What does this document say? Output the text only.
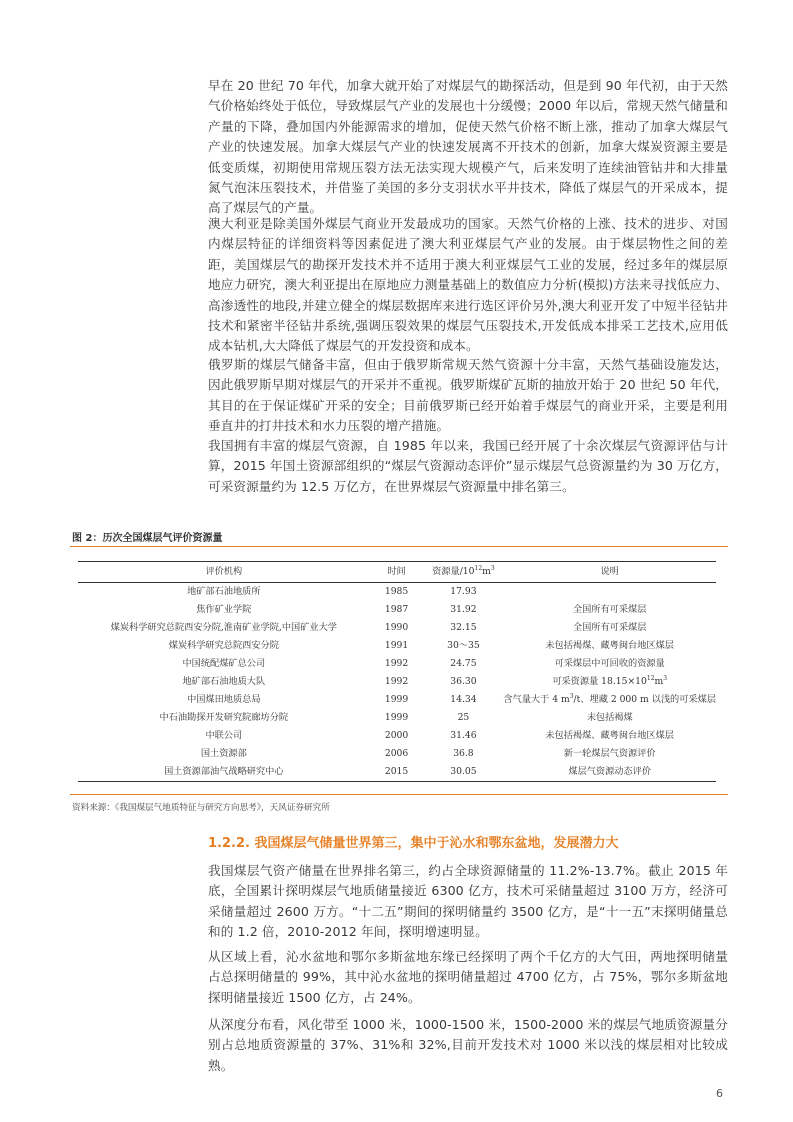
早在 20 世纪 70 年代，加拿大就开始了对煤层气的勘探活动，但是到 90 年代初，由于天然气价格始终处于低位，导致煤层气产业的发展也十分缓慢；2000 年以后，常规天然气储量和产量的下降，叠加国内外能源需求的增加，促使天然气价格不断上涨，推动了加拿大煤层气产业的快速发展。加拿大煤层气产业的快速发展离不开技术的创新，加拿大煤炭资源主要是低变质煤，初期使用常规压裂方法无法实现大规模产气，后来发明了连续油管钻井和大排量氮气泡沫压裂技术，并借鉴了美国的多分支羽状水平井技术，降低了煤层气的开采成本，提高了煤层气的产量。

澳大利亚是除美国外煤层气商业开发最成功的国家。天然气价格的上涨、技术的进步、对国内煤层特征的详细资料等因素促进了澳大利亚煤层气产业的发展。由于煤层物性之间的差距，美国煤层气的勘探开发技术并不适用于澳大利亚煤层气工业的发展，经过多年的煤层原地应力研究，澳大利亚提出在原地应力测量基础上的数值应力分析(模拟)方法来寻找低应力、高渗透性的地段,并建立健全的煤层数据库来进行选区评价另外,澳大利亚开发了中短半径钻井技术和紧密半径钻井系统,强调压裂效果的煤层气压裂技术,开发低成本排采工艺技术,应用低成本钻机,大大降低了煤层气的开发投资和成本。

俄罗斯的煤层气储备丰富，但由于俄罗斯常规天然气资源十分丰富，天然气基础设施发达，因此俄罗斯早期对煤层气的开采并不重视。俄罗斯煤矿瓦斯的抽放开始于 20 世纪 50 年代，其目的在于保证煤矿开采的安全；目前俄罗斯已经开始着手煤层气的商业开采，主要是利用垂直井的打井技术和水力压裂的增产措施。

我国拥有丰富的煤层气资源，自 1985 年以来，我国已经开展了十余次煤层气资源评估与计算，2015 年国土资源部组织的“煤层气资源动态评价”显示煤层气总资源量约为 30 万亿方，可采资源量约为 12.5 万亿方，在世界煤层气资源量中排名第三。

图 2：历次全国煤层气评价资源量
评价机构	时间	资源量$/10^{12}m^3$	说明
地矿部石油地质所	1985	17.93	
焦作矿业学院	1987	31.92	全国所有可采煤层
煤炭科学研究总院西安分院,淮南矿业学院,中国矿业大学	1990	32.15	全国所有可采煤层
煤炭科学研究总院西安分院	1991	30～35	未包括褐煤、藏粤闽台地区煤层
中国统配煤矿总公司	1992	24.75	可采煤层中可回收的资源量
地矿部石油地质大队	1992	36.30	可采资源量 $18.15\times 10^{12}m^3$
中国煤田地质总局	1999	14.34	含气量大于 4 $m^3/t$、埋藏 2 000 m 以浅的可采煤层
中石油勘探开发研究院廊坊分院	1999	25	未包括褐煤
中联公司	2000	31.46	未包括褐煤、藏粤闽台地区煤层
国土资源部	2006	36.8	新一轮煤层气资源评价
国土资源部油气战略研究中心	2015	30.05	煤层气资源动态评价
资料来源：《我国煤层气地质特征与研究方向思考》，天风证券研究所
1.2.2. 我国煤层气储量世界第三，集中于沁水和鄂东盆地，发展潜力大

我国煤层气资产储量在世界排名第三，约占全球资源储量的 11.2%-13.7%。截止 2015 年底，全国累计探明煤层气地质储量接近 6300 亿方，技术可采储量超过 3100 万方，经济可采储量超过 2600 万方。“十二五”期间的探明储量约 3500 亿方，是“十一五”末探明储量总和的 1.2 倍，2010-2012 年间，探明增速明显。

从区域上看，沁水盆地和鄂尔多斯盆地东缘已经探明了两个千亿方的大气田，两地探明储量占总探明储量的 99%，其中沁水盆地的探明储量超过 4700 亿方，占 75%，鄂尔多斯盆地探明储量接近 1500 亿方，占 24%。

从深度分布看，风化带至 1000 米，1000-1500 米，1500-2000 米的煤层气地质资源量分别占总地质资源量的 37%、31%和 32%,目前开发技术对 1000 米以浅的煤层相对比较成熟。

6
